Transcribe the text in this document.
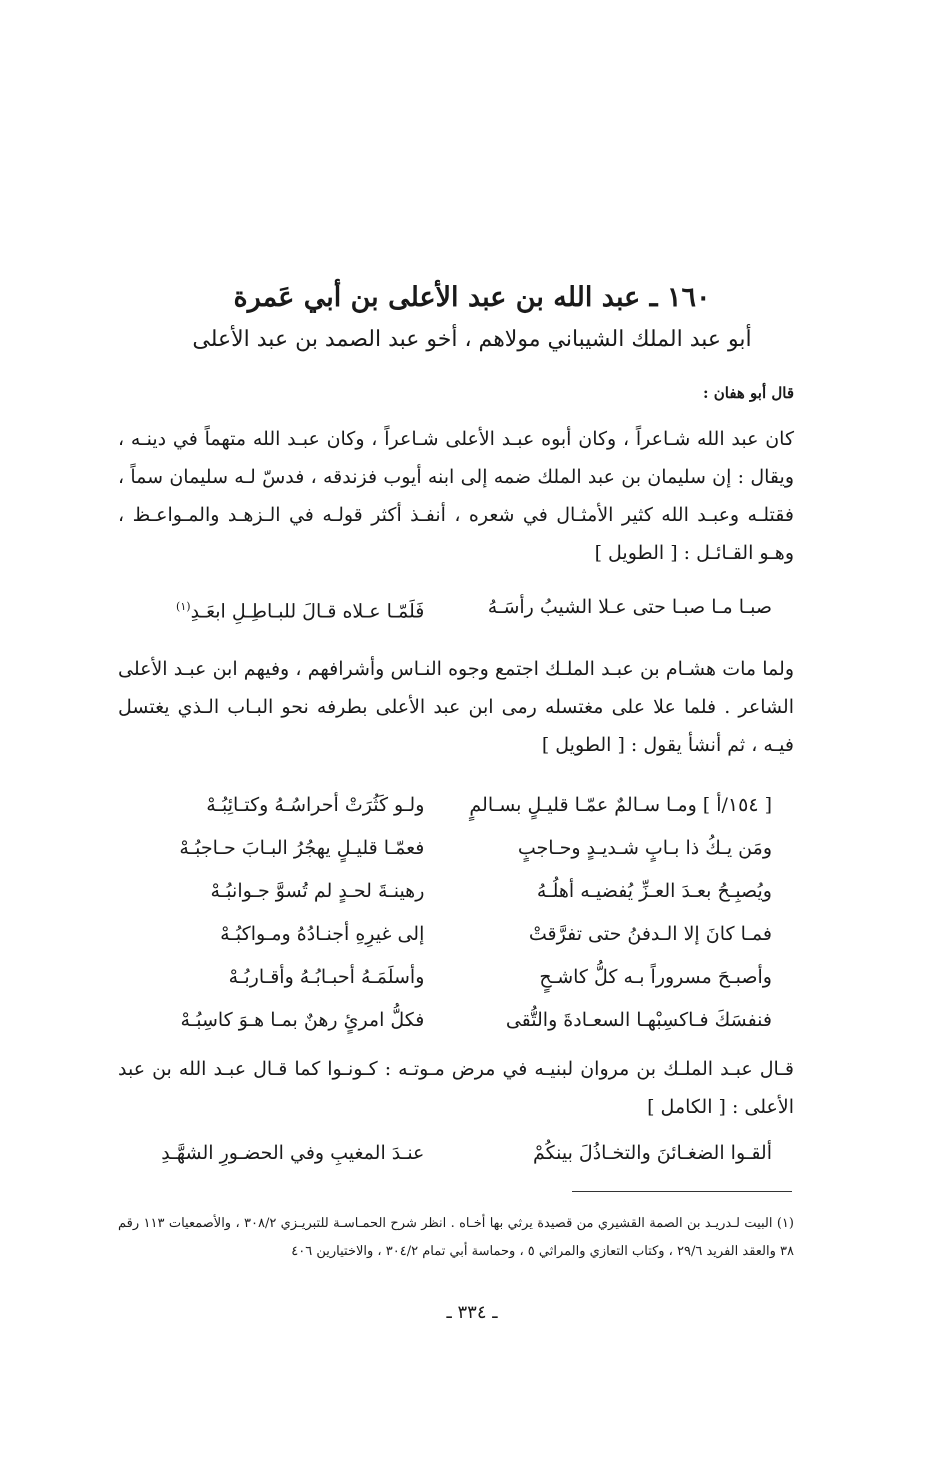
١٦٠ ـ عبد الله بن عبد الأعلى بن أبي عَمرة

أبو عبد الملك الشيباني مولاهم ، أخو عبد الصمد بن عبد الأعلى

قال أبو هفان :

كان عبد الله شـاعراً ، وكان أبوه عبـد الأعلى شـاعراً ، وكان عبـد الله متهماً في دينـه ، ويقال : إن سليمان بن عبد الملك ضمه إلى ابنه أيوب فزندقه ، فدسّ لـه سليمان سماً ، فقتلـه وعبـد الله كثير الأمثـال في شعره ، أنفـذ أكثر قولـه في الـزهـد والمـواعـظ ، وهـو القـائـل : [ الطويل ]

صبـا مـا صبـا حتى عـلا الشيبُ رأسَـهُ
فَلَمّـا عـلاه قـالَ للبـاطِـلِ ابعَـدِ$^{(١)}$

ولما مات هشـام بن عبـد الملـك اجتمع وجوه النـاس وأشرافهم ، وفيهم ابن عبـد الأعلى الشاعر . فلما علا على مغتسله رمى ابن عبد الأعلى بطرفه نحو البـاب الـذي يغتسل فيـه ، ثم أنشأ يقول : [ الطويل ]

[ ١٥٤/أ ] ومـا سـالمٌ عمّـا قليـلٍ بسـالمٍ
ولـو كَثُرَتْ أحراسُـهُ وكتـائِبُـهْ
ومَن يـكُ ذا بـابٍ شـديـدٍ وحـاجبٍ
فعمّـا قليـلٍ يهجُرُ البـابَ حـاجبُـهْ
ويُصبِـحُ بعـدَ العـزِّ يُفضيـه أهلُـهُ
رهينـةَ لحـدٍ لم تُسوَّ جـوانبُـهْ
فمـا كانَ إلا الـدفنُ حتى تفرَّقتْ
إلى غيرِهِ أجنـادُهُ ومـواكبُـهْ
وأصبـحَ مسروراً بـه كلُّ كاشـحٍ
وأسلَمَـهُ أحبـابُـهُ وأقـاربُـهْ
فنفسَكَ فـاكسِبْهـا السعـادةَ والتُّقى
فكلُّ امرئٍ رهنٌ بمـا هـوَ كاسِبُـهْ

قـال عبـد الملـك بن مروان لبنيـه في مرض مـوتـه : كـونـوا كما قـال عبـد الله بن عبد الأعلى : [ الكامل ]

ألقـوا الضغـائنَ والتخـاذُلَ بينكُمْ
عنـدَ المغيبِ وفي الحضـورِ الشهَّـدِ

(١) البيت لـدريـد بن الصمة القشيري من قصيدة يرثي بها أخـاه . انظر شرح الحمـاسـة للتبريـزي ٣٠٨/٢ ، والأصمعيات ١١٣ رقم ٣٨ والعقد الفريد ٢٩/٦ ، وكتاب التعازي والمراثي ٥ ، وحماسة أبي تمام ٣٠٤/٢ ، والاختيارين ٤٠٦

ـ ٣٣٤ ـ
